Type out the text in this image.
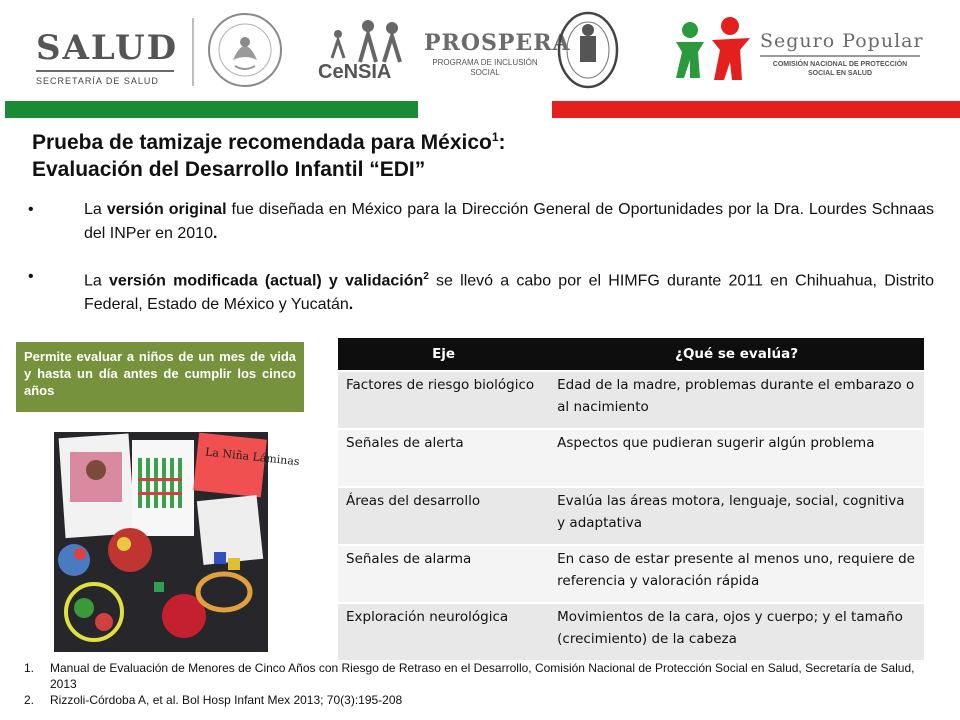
SALUD
SECRETARÍA DE SALUD	CeNSIA
PROSPERA
PROGRAMA DE INCLUSIÓN SOCIAL
Seguro Popular
COMISIÓN NACIONAL DE PROTECCIÓN SOCIAL EN SALUD
Prueba de tamizaje recomendada para México$^1$:
Evaluación del Desarrollo Infantil “EDI”
•	La versión original fue diseñada en México para la Dirección General de Oportunidades por la Dra. Lourdes Schnaas del INPer en 2010.
•	La versión modificada (actual) y validación$^2$ se llevó a cabo por el HIMFG durante 2011 en Chihuahua, Distrito Federal, Estado de México y Yucatán.
Permite evaluar a niños de un mes de vida y hasta un día antes de cumplir los cinco años
La Niña Láminas
Eje	¿Qué se evalúa?
Factores de riesgo biológico	Edad de la madre, problemas durante el embarazo o al nacimiento
Señales de alerta	Aspectos que pudieran sugerir algún problema
Áreas del desarrollo	Evalúa las áreas motora, lenguaje, social, cognitiva y adaptativa
Señales de alarma	En caso de estar presente al menos uno, requiere de referencia y valoración rápida
Exploración neurológica	Movimientos de la cara, ojos y cuerpo; y el tamaño (crecimiento) de la cabeza
1. Manual de Evaluación de Menores de Cinco Años con Riesgo de Retraso en el Desarrollo, Comisión Nacional de Protección Social en Salud, Secretaría de Salud, 2013
2. Rizzoli-Córdoba A, et al. Bol Hosp Infant Mex 2013; 70(3):195-208
